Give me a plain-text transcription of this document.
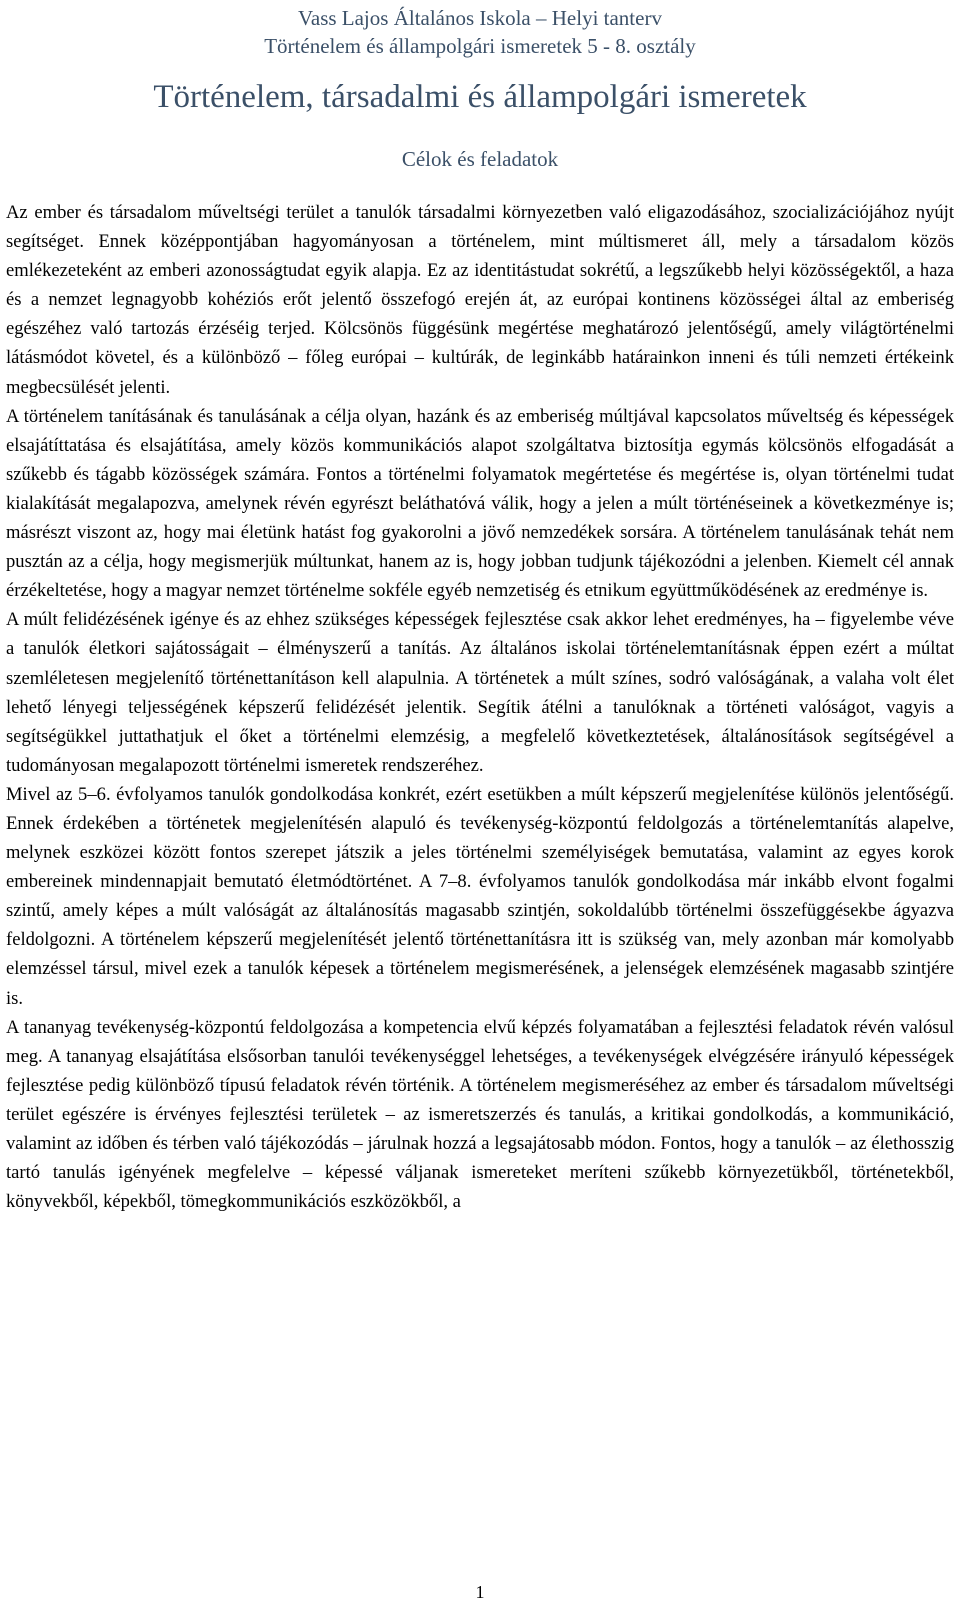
Vass Lajos Általános Iskola – Helyi tanterv
Történelem és állampolgári ismeretek 5 - 8. osztály
Történelem, társadalmi és állampolgári ismeretek
Célok és feladatok

Az ember és társadalom műveltségi terület a tanulók társadalmi környezetben való eligazodásához, szocializációjához nyújt segítséget. Ennek középpontjában hagyományosan a történelem, mint múltismeret áll, mely a társadalom közös emlékezeteként az emberi azonosságtudat egyik alapja. Ez az identitástudat sokrétű, a legszűkebb helyi közösségektől, a haza és a nemzet legnagyobb kohéziós erőt jelentő összefogó erején át, az európai kontinens közösségei által az emberiség egészéhez való tartozás érzéséig terjed. Kölcsönös függésünk megértése meghatározó jelentőségű, amely világtörténelmi látásmódot követel, és a különböző – főleg európai – kultúrák, de leginkább határainkon inneni és túli nemzeti értékeink megbecsülését jelenti.

A történelem tanításának és tanulásának a célja olyan, hazánk és az emberiség múltjával kapcsolatos műveltség és képességek elsajátíttatása és elsajátítása, amely közös kommunikációs alapot szolgáltatva biztosítja egymás kölcsönös elfogadását a szűkebb és tágabb közösségek számára. Fontos a történelmi folyamatok megértetése és megértése is, olyan történelmi tudat kialakítását megalapozva, amelynek révén egyrészt beláthatóvá válik, hogy a jelen a múlt történéseinek a következménye is; másrészt viszont az, hogy mai életünk hatást fog gyakorolni a jövő nemzedékek sorsára. A történelem tanulásának tehát nem pusztán az a célja, hogy megismerjük múltunkat, hanem az is, hogy jobban tudjunk tájékozódni a jelenben. Kiemelt cél annak érzékeltetése, hogy a magyar nemzet történelme sokféle egyéb nemzetiség és etnikum együttműködésének az eredménye is.

A múlt felidézésének igénye és az ehhez szükséges képességek fejlesztése csak akkor lehet eredményes, ha – figyelembe véve a tanulók életkori sajátosságait – élményszerű a tanítás. Az általános iskolai történelemtanításnak éppen ezért a múltat szemléletesen megjelenítő történettanításon kell alapulnia. A történetek a múlt színes, sodró valóságának, a valaha volt élet lehető lényegi teljességének képszerű felidézését jelentik. Segítik átélni a tanulóknak a történeti valóságot, vagyis a segítségükkel juttathatjuk el őket a történelmi elemzésig, a megfelelő következtetések, általánosítások segítségével a tudományosan megalapozott történelmi ismeretek rendszeréhez.

Mivel az 5–6. évfolyamos tanulók gondolkodása konkrét, ezért esetükben a múlt képszerű megjelenítése különös jelentőségű. Ennek érdekében a történetek megjelenítésén alapuló és tevékenység-központú feldolgozás a történelemtanítás alapelve, melynek eszközei között fontos szerepet játszik a jeles történelmi személyiségek bemutatása, valamint az egyes korok embereinek mindennapjait bemutató életmódtörténet. A 7–8. évfolyamos tanulók gondolkodása már inkább elvont fogalmi szintű, amely képes a múlt valóságát az általánosítás magasabb szintjén, sokoldalúbb történelmi összefüggésekbe ágyazva feldolgozni. A történelem képszerű megjelenítését jelentő történettanításra itt is szükség van, mely azonban már komolyabb elemzéssel társul, mivel ezek a tanulók képesek a történelem megismerésének, a jelenségek elemzésének magasabb szintjére is.

A tananyag tevékenység-központú feldolgozása a kompetencia elvű képzés folyamatában a fejlesztési feladatok révén valósul meg. A tananyag elsajátítása elsősorban tanulói tevékenységgel lehetséges, a tevékenységek elvégzésére irányuló képességek fejlesztése pedig különböző típusú feladatok révén történik. A történelem megismeréséhez az ember és társadalom műveltségi terület egészére is érvényes fejlesztési területek – az ismeretszerzés és tanulás, a kritikai gondolkodás, a kommunikáció, valamint az időben és térben való tájékozódás – járulnak hozzá a legsajátosabb módon. Fontos, hogy a tanulók – az élethosszig tartó tanulás igényének megfelelve – képessé váljanak ismereteket meríteni szűkebb környezetükből, történetekből, könyvekből, képekből, tömegkommunikációs eszközökből, a

1
